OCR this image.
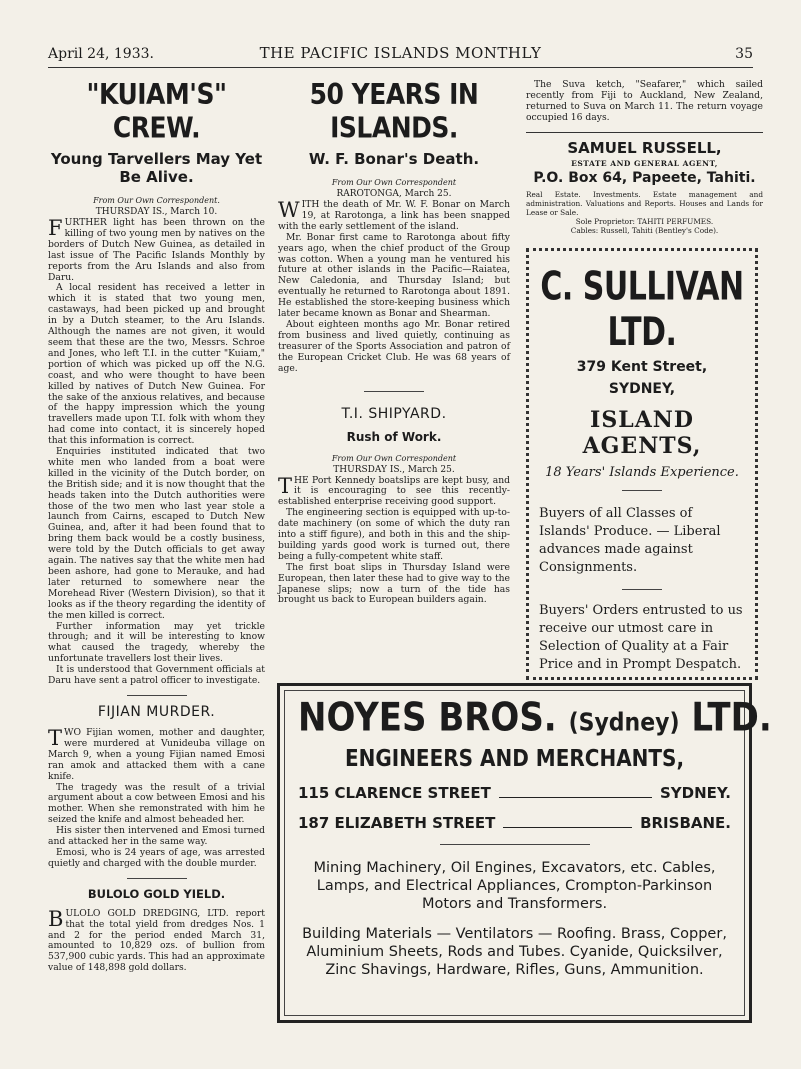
April 24, 1933.	THE PACIFIC ISLANDS MONTHLY	35
"KUIAM'S" CREW.
Young Tarvellers May Yet Be Alive.
From Our Own Correspondent.
THURSDAY IS., March 10.

FURTHER light has been thrown on the killing of two young men by natives on the borders of Dutch New Guinea, as detailed in last issue of The Pacific Islands Monthly by reports from the Aru Islands and also from Daru.

A local resident has received a letter in which it is stated that two young men, castaways, had been picked up and brought in by a Dutch steamer, to the Aru Islands. Although the names are not given, it would seem that these are the two, Messrs. Schroe and Jones, who left T.I. in the cutter "Kuiam," portion of which was picked up off the N.G. coast, and who were thought to have been killed by natives of Dutch New Guinea. For the sake of the anxious relatives, and because of the happy impression which the young travellers made upon T.I. folk with whom they had come into contact, it is sincerely hoped that this information is correct.

Enquiries instituted indicated that two white men who landed from a boat were killed in the vicinity of the Dutch border, on the British side; and it is now thought that the heads taken into the Dutch authorities were those of the two men who last year stole a launch from Cairns, escaped to Dutch New Guinea, and, after it had been found that to bring them back would be a costly business, were told by the Dutch officials to get away again. The natives say that the white men had been ashore, had gone to Merauke, and had later returned to somewhere near the Morehead River (Western Division), so that it looks as if the theory regarding the identity of the men killed is correct.

Further information may yet trickle through; and it will be interesting to know what caused the tragedy, whereby the unfortunate travellers lost their lives.

It is understood that Government officials at Daru have sent a patrol officer to investigate.

FIJIAN MURDER.

TWO Fijian women, mother and daughter, were murdered at Vunideuba village on March 9, when a young Fijian named Emosi ran amok and attacked them with a cane knife.

The tragedy was the result of a trivial argument about a cow between Emosi and his mother. When she remonstrated with him he seized the knife and almost beheaded her.

His sister then intervened and Emosi turned and attacked her in the same way.

Emosi, who is 24 years of age, was arrested quietly and charged with the double murder.

BULOLO GOLD YIELD.

BULOLO GOLD DREDGING, LTD. report that the total yield from dredges Nos. 1 and 2 for the period ended March 31, amounted to 10,829 ozs. of bullion from 537,900 cubic yards. This had an approximate value of 148,898 gold dollars.

50 YEARS IN ISLANDS.
W. F. Bonar's Death.
From Our Own Correspondent
RAROTONGA, March 25.

WITH the death of Mr. W. F. Bonar on March 19, at Rarotonga, a link has been snapped with the early settlement of the island.

Mr. Bonar first came to Rarotonga about fifty years ago, when the chief product of the Group was cotton. When a young man he ventured his future at other islands in the Pacific—Raiatea, New Caledonia, and Thursday Island; but eventually he returned to Rarotonga about 1891. He established the store-keeping business which later became known as Bonar and Shearman.

About eighteen months ago Mr. Bonar retired from business and lived quietly, continuing as treasurer of the Sports Association and patron of the European Cricket Club. He was 68 years of age.

T.I. SHIPYARD.
Rush of Work.
From Our Own Correspondent
THURSDAY IS., March 25.

THE Port Kennedy boatslips are kept busy, and it is encouraging to see this recently-established enterprise receiving good support.

The engineering section is equipped with up-to-date machinery (on some of which the duty ran into a stiff figure), and both in this and the ship-building yards good work is turned out, there being a fully-competent white staff.

The first boat slips in Thursday Island were European, then later these had to give way to the Japanese slips; now a turn of the tide has brought us back to European builders again.

The Suva ketch, "Seafarer," which sailed recently from Fiji to Auckland, New Zealand, returned to Suva on March 11. The return voyage occupied 16 days.

SAMUEL RUSSELL,
ESTATE AND GENERAL AGENT,
P.O. Box 64, Papeete, Tahiti.

Real Estate. Investments. Estate management and administration. Valuations and Reports. Houses and Lands for Lease or Sale.

Sole Proprietor: TAHITI PERFUMES.

Cables: Russell, Tahiti (Bentley's Code).

C. SULLIVAN LTD.
379 Kent Street,
SYDNEY,
ISLAND AGENTS,
18 Years' Islands Experience.

Buyers of all Classes of Islands' Produce. — Liberal advances made against Consignments.

Buyers' Orders entrusted to us receive our utmost care in Selection of Quality at a Fair Price and in Prompt Despatch.

NOYES BROS. (Sydney) LTD.
ENGINEERS AND MERCHANTS,
115 CLARENCE STREET	SYDNEY.
187 ELIZABETH STREET	BRISBANE.

Mining Machinery, Oil Engines, Excavators, etc. Cables, Lamps, and Electrical Appliances, Crompton-Parkinson Motors and Transformers.

Building Materials — Ventilators — Roofing. Brass, Copper, Aluminium Sheets, Rods and Tubes. Cyanide, Quicksilver, Zinc Shavings, Hardware, Rifles, Guns, Ammunition.
